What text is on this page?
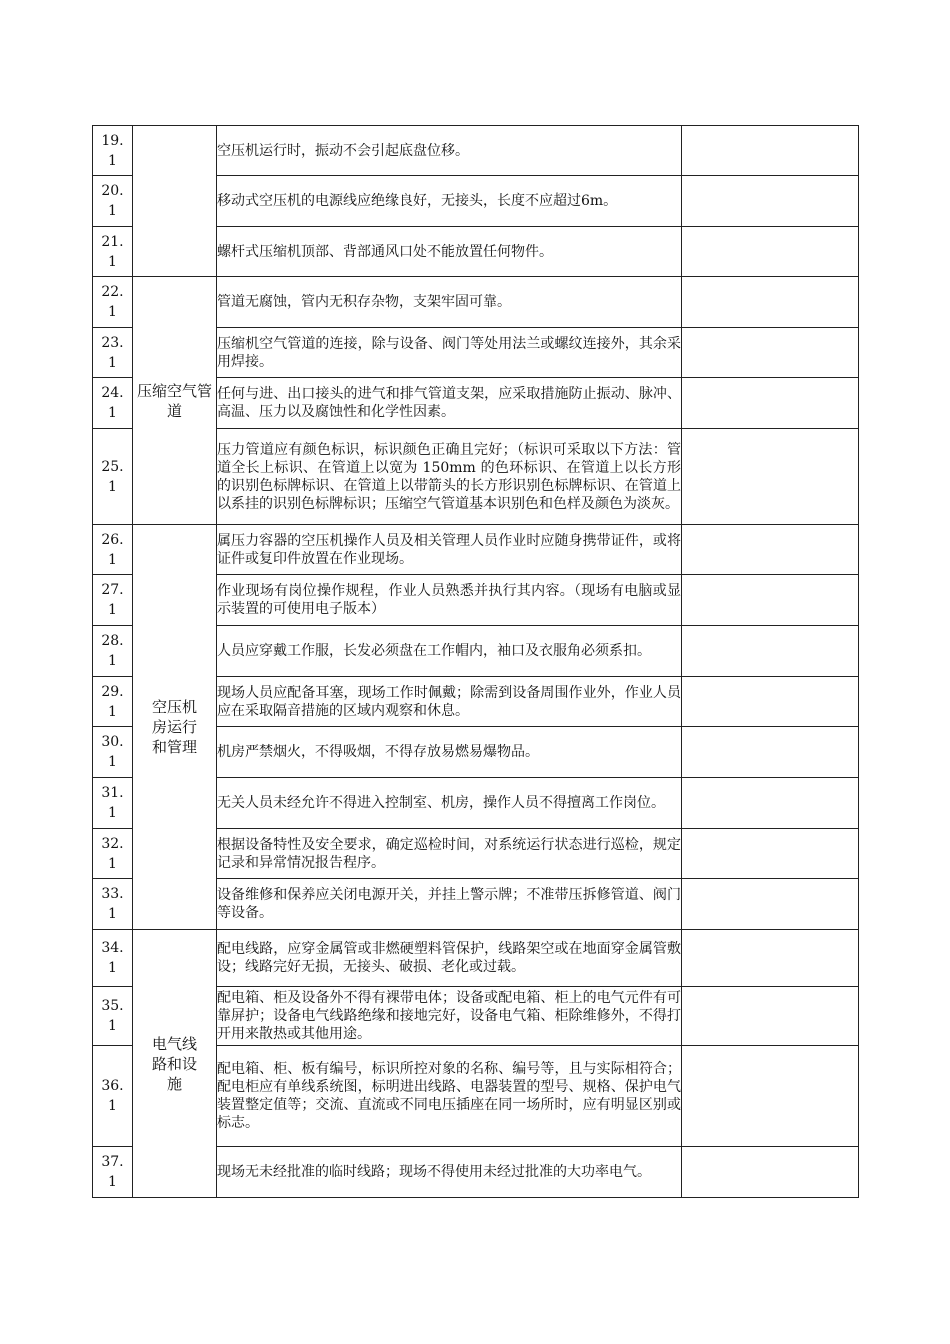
19.
1		空压机运行时，振动不会引起底盘位移。	
20.
1		移动式空压机的电源线应绝缘良好，无接头，长度不应超过6m。	
21.
1		螺杆式压缩机顶部、背部通风口处不能放置任何物件。	
22.
1	压缩空气管道	管道无腐蚀，管内无积存杂物，支架牢固可靠。	
23.
1		压缩机空气管道的连接，除与设备、阀门等处用法兰或螺纹连接外，其余采用焊接。	
24.
1		任何与进、出口接头的进气和排气管道支架，应采取措施防止振动、脉冲、高温、压力以及腐蚀性和化学性因素。	
25.
1		压力管道应有颜色标识，标识颜色正确且完好；（标识可采取以下方法：管道全长上标识、在管道上以宽为 150mm 的色环标识、在管道上以长方形的识别色标牌标识、在管道上以带箭头的长方形识别色标牌标识、在管道上以系挂的识别色标牌标识；压缩空气管道基本识别色和色样及颜色为淡灰。	
26.
1	空压机房运行和管理	属压力容器的空压机操作人员及相关管理人员作业时应随身携带证件，或将证件或复印件放置在作业现场。	
27.
1		作业现场有岗位操作规程，作业人员熟悉并执行其内容。（现场有电脑或显示装置的可使用电子版本）	
28.
1		人员应穿戴工作服，长发必须盘在工作帽内，袖口及衣服角必须系扣。	
29.
1		现场人员应配备耳塞，现场工作时佩戴；除需到设备周围作业外，作业人员应在采取隔音措施的区域内观察和休息。	
30.
1		机房严禁烟火，不得吸烟，不得存放易燃易爆物品。	
31.
1		无关人员未经允许不得进入控制室、机房，操作人员不得擅离工作岗位。	
32.
1		根据设备特性及安全要求，确定巡检时间，对系统运行状态进行巡检，规定记录和异常情况报告程序。	
33.
1		设备维修和保养应关闭电源开关，并挂上警示牌；不准带压拆修管道、阀门等设备。	
34.
1	电气线路和设施	配电线路，应穿金属管或非燃硬塑料管保护，线路架空或在地面穿金属管敷设；线路完好无损，无接头、破损、老化或过载。	
35.
1		配电箱、柜及设备外不得有裸带电体；设备或配电箱、柜上的电气元件有可靠屏护；设备电气线路绝缘和接地完好，设备电气箱、柜除维修外，不得打开用来散热或其他用途。	
36.
1		配电箱、柜、板有编号，标识所控对象的名称、编号等，且与实际相符合；配电柜应有单线系统图，标明进出线路、电器装置的型号、规格、保护电气装置整定值等；交流、直流或不同电压插座在同一场所时，应有明显区别或标志。	
37.
1		现场无未经批准的临时线路；现场不得使用未经过批准的大功率电气。	
